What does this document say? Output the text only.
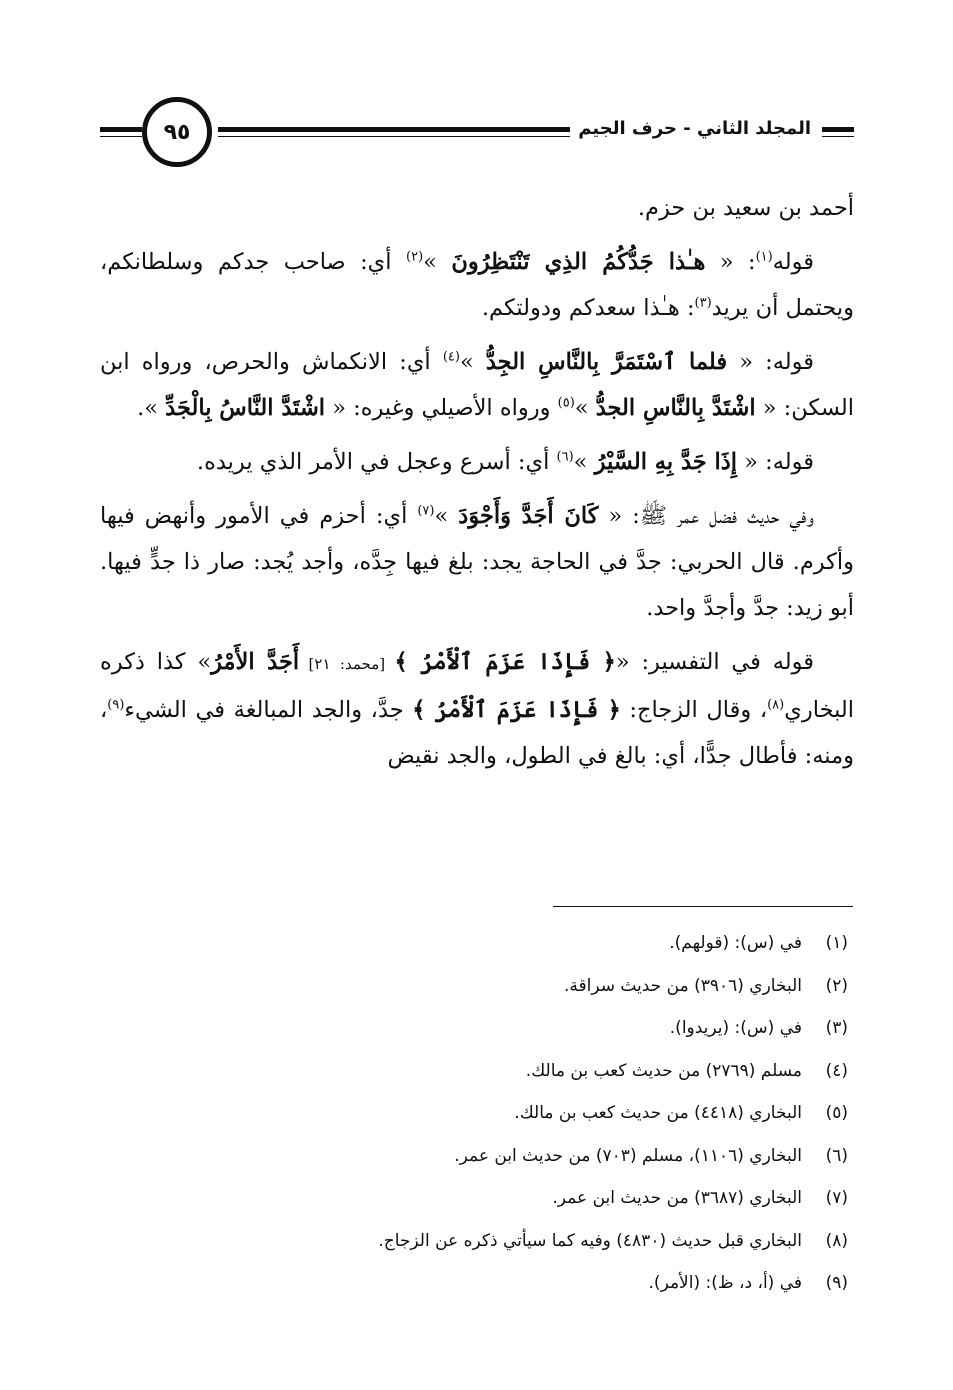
٩٥	المجلد الثاني - حرف الجيم

أحمد بن سعيد بن حزم.

قوله$^{(١)}$: « هـٰذا جَدُّكُمُ الذِي تَنْتَظِرُونَ »$^{(٢)}$ أي: صاحب جدكم وسلطانكم، ويحتمل أن يريد$^{(٣)}$: هـٰذا سعدكم ودولتكم.

قوله: « فلما ٱسْتَمَرَّ بِالنَّاسِ الجِدُّ »$^{(٤)}$ أي: الانكماش والحرص، ورواه ابن السكن: « اشْتَدَّ بِالنَّاسِ الجدُّ »$^{(٥)}$ ورواه الأصيلي وغيره: « اشْتَدَّ النَّاسُ بِالْجَدِّ ».

قوله: « إِذَا جَدَّ بِهِ السَّيْرُ »$^{(٦)}$ أي: أسرع وعجل في الأمر الذي يريده.

وفي حديث فضل عمر ﷺ: « كَانَ أَجَدَّ وَأَجْوَدَ »$^{(٧)}$ أي: أحزم في الأمور وأنهض فيها وأكرم. قال الحربي: جدَّ في الحاجة يجد: بلغ فيها جِدَّه، وأجد يُجد: صار ذا جدٍّ فيها. أبو زيد: جدَّ وأجدَّ واحد.

قوله في التفسير: «﴿ فَإِذَا عَزَمَ ٱلْأَمْرُ ﴾ [محمد: ٢١] أَجَدَّ الأَمْرُ» كذا ذكره البخاري$^{(٨)}$، وقال الزجاج: ﴿ فَإِذَا عَزَمَ ٱلْأَمْرُ ﴾ جدَّ، والجد المبالغة في الشيء$^{(٩)}$، ومنه: فأطال جدًّا، أي: بالغ في الطول، والجد نقيض

(١)
في (س): (قولهم).
(٢)
البخاري (٣٩٠٦) من حديث سراقة.
(٣)
في (س): (يريدوا).
(٤)
مسلم (٢٧٦٩) من حديث كعب بن مالك.
(٥)
البخاري (٤٤١٨) من حديث كعب بن مالك.
(٦)
البخاري (١١٠٦)، مسلم (٧٠٣) من حديث ابن عمر.
(٧)
البخاري (٣٦٨٧) من حديث ابن عمر.
(٨)
البخاري قبل حديث (٤٨٣٠) وفيه كما سيأتي ذكره عن الزجاج.
(٩)
في (أ، د، ظ): (الأمر).
